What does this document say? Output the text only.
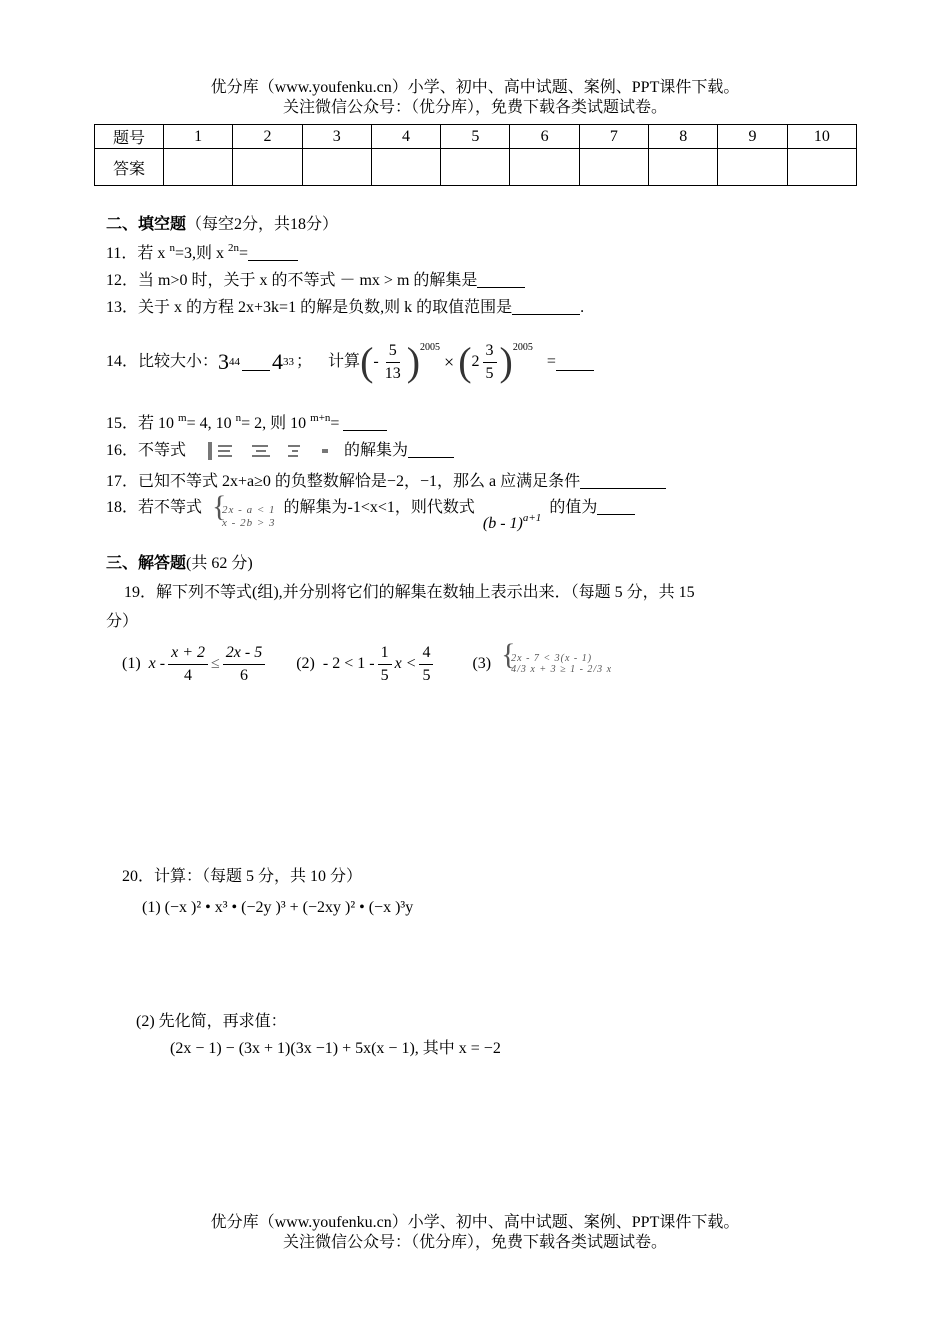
优分库（www.youfenku.cn）小学、初中、高中试题、案例、PPT课件下载。
关注微信公众号：（优分库），免费下载各类试题试卷。
题号	1	2	3	4	5	6	7	8	9	10
答案										
二、填空题（每空2分，共18分）
11．若 x $^n$=3,则 x $^{2n}$=
12．当 m>0 时，关于 x 的不等式 － mx > m 的解集是
13．关于 x 的方程 2x+3k=1 的解是负数,则 k 的取值范围是	.
14． 比较大小： 3 44 4 33 ； 计算 ( - $\frac{5}{13}$ ) 2005
× ( $2 \frac{3}{5}$ ) 2005
=
15．若 10 $^m$= 4, 10 $^n$= 2, 则 10 $^{m+n}$=
16．不等式	的解集为
17．已知不等式 2x+a≥0 的负整数解恰是−2，−1，那么 a 应满足条件
18．若不等式 { 2x - a < 1
x - 2b > 3
的解集为-1<x<1，则代数式 (b - 1)$^{a+1}$ 的值为
三、解答题(共 62 分)
19．解下列不等式(组),并分别将它们的解集在数轴上表示出来．（每题 5 分，共 15
分）
(1) $x - \frac{x + 2}{4} \le \frac{2x - 5}{6} (2) - 2 < 1 - \frac{1}{5}$ $x < \frac{4}{5} (3)$ { 2x - 7 < 3(x - 1)
4/3 x + 3 ≥ 1 - 2/3 x
20．计算：（每题 5 分，共 10 分）
(1) (−x )² • x³ • (−2y )³ + (−2xy )² • (−x )³y
(2) 先化简，再求值：
(2x − 1) − (3x + 1)(3x −1) + 5x(x − 1), 其中 x = −2
优分库（www.youfenku.cn）小学、初中、高中试题、案例、PPT课件下载。
关注微信公众号：（优分库），免费下载各类试题试卷。
